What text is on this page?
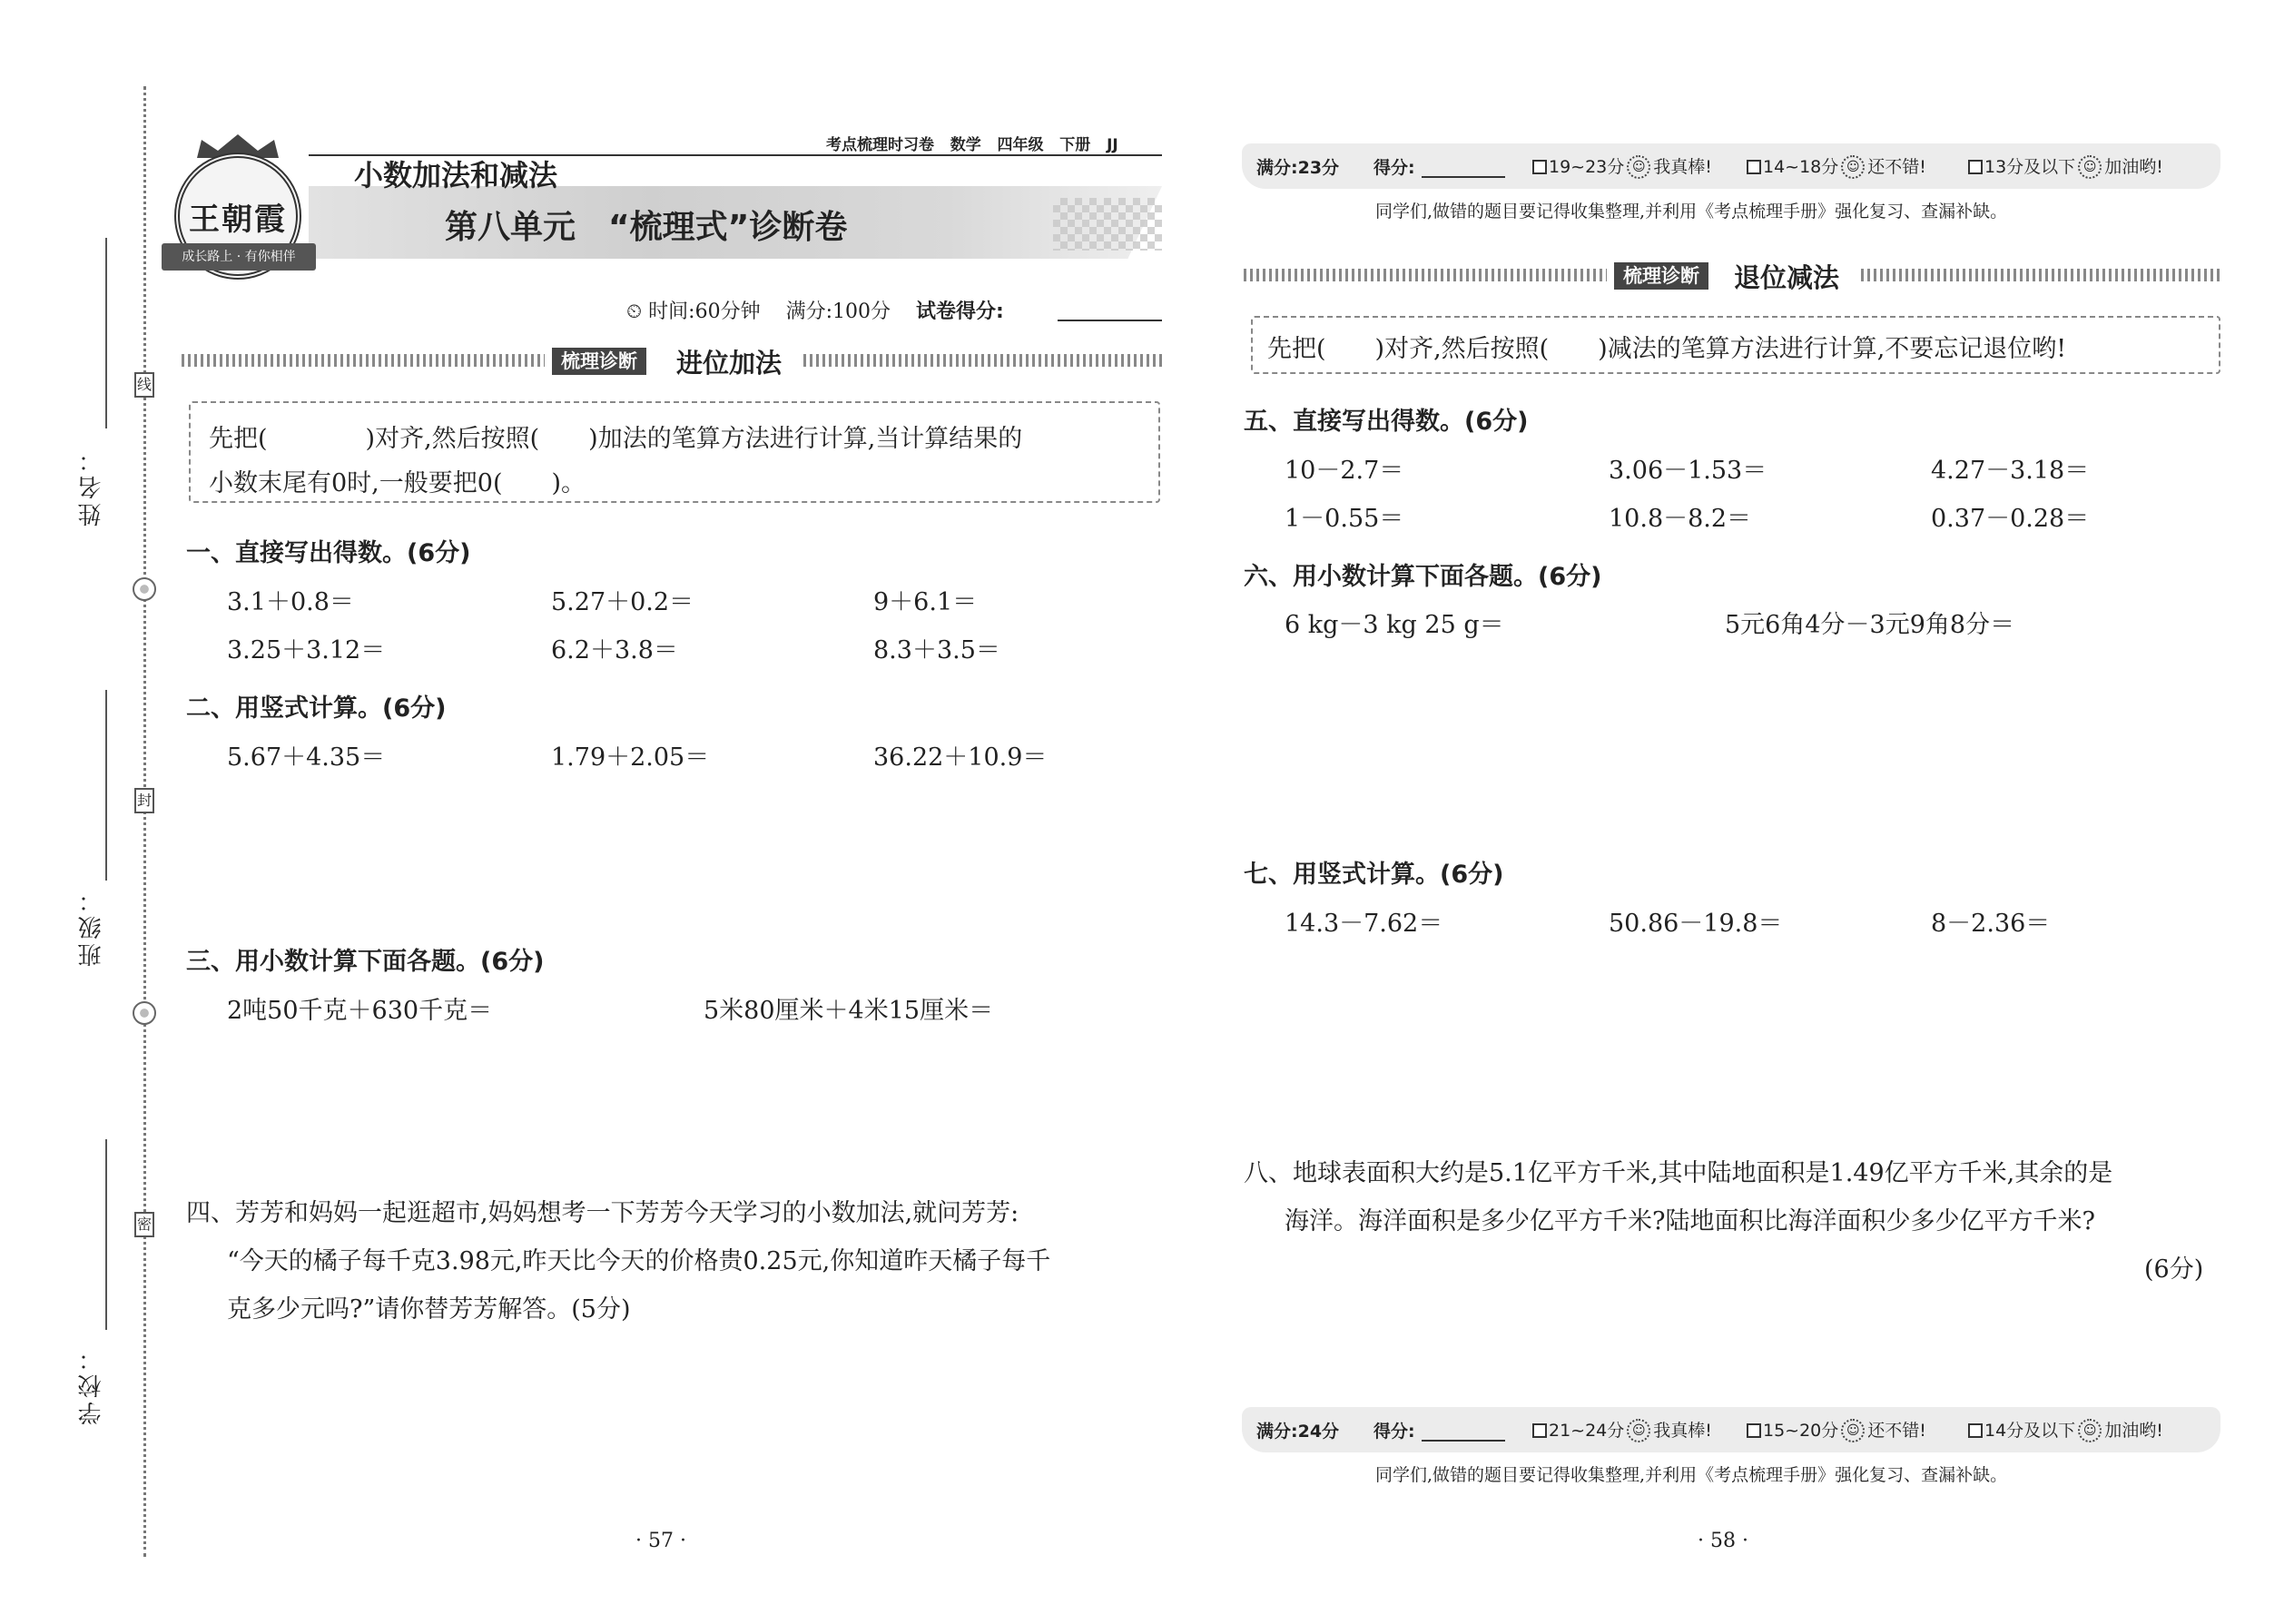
姓名：
线
班级：
封
学校：
密
考点梳理时习卷 数学 四年级 下册 JJ
王朝霞
成长路上 · 有你相伴
小数加法和减法
第八单元　“梳理式”诊断卷
⏲ 时间:60分钟 满分:100分 试卷得分:
梳理诊断	进位加法
先把(　　　　)对齐,然后按照(　　)加法的笔算方法进行计算,当计算结果的
小数末尾有0时,一般要把0(　　)。
一、直接写出得数。(6分)
3.1＋0.8＝	5.27＋0.2＝	9＋6.1＝
3.25＋3.12＝	6.2＋3.8＝	8.3＋3.5＝
二、用竖式计算。(6分)
5.67＋4.35＝	1.79＋2.05＝	36.22＋10.9＝
三、用小数计算下面各题。(6分)
2吨50千克＋630千克＝	5米80厘米＋4米15厘米＝
四、芳芳和妈妈一起逛超市,妈妈想考一下芳芳今天学习的小数加法,就问芳芳:
“今天的橘子每千克3.98元,昨天比今天的价格贵0.25元,你知道昨天橘子每千
克多少元吗?”请你替芳芳解答。(5分)
· 57 ·
满分:23分 得分:	19~23分 ☺ 我真棒!	14~18分 ☺ 还不错!	13分及以下 ☺ 加油哟!
同学们,做错的题目要记得收集整理,并利用《考点梳理手册》强化复习、查漏补缺。
梳理诊断	退位减法
先把(　　)对齐,然后按照(　　)减法的笔算方法进行计算,不要忘记退位哟!
五、直接写出得数。(6分)
10－2.7＝	3.06－1.53＝	4.27－3.18＝
1－0.55＝	10.8－8.2＝	0.37－0.28＝
六、用小数计算下面各题。(6分)
6 kg－3 kg 25 g＝	5元6角4分－3元9角8分＝
七、用竖式计算。(6分)
14.3－7.62＝	50.86－19.8＝	8－2.36＝
八、地球表面积大约是5.1亿平方千米,其中陆地面积是1.49亿平方千米,其余的是
海洋。海洋面积是多少亿平方千米?陆地面积比海洋面积少多少亿平方千米?
(6分)
满分:24分 得分:	21~24分 ☺ 我真棒!	15~20分 ☺ 还不错!	14分及以下 ☺ 加油哟!
同学们,做错的题目要记得收集整理,并利用《考点梳理手册》强化复习、查漏补缺。
· 58 ·
